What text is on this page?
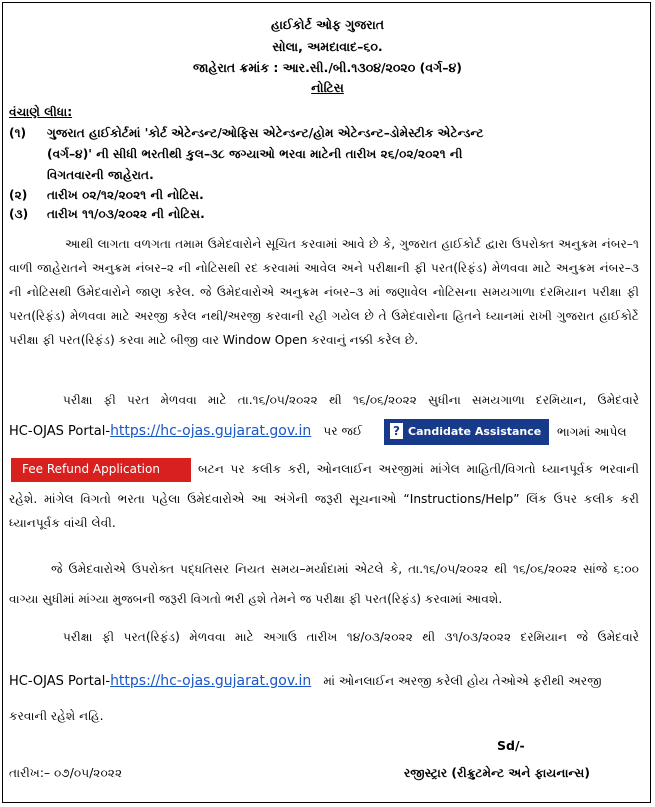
હાઈકોર્ટ ઓફ ગુજરાત
સોલા, અમદાવાદ–૬૦.
જાહેરાત ક્રમાંક : આર.સી./બી.૧૩૦૪/૨૦૨૦ (વર્ગ–૪)
નોટિસ
વંચાણે લીધા:
(૧) ગુજરાત હાઈકોર્ટમાં 'કોર્ટ એટેન્ડન્ટ/ઓફિસ એટેન્ડન્ટ/હોમ એટેન્ડન્ટ–ડોમેસ્ટીક એટેન્ડન્ટ
(વર્ગ–૪)' ની સીધી ભરતીથી કુલ–૩૮ જગ્યાઓ ભરવા માટેની તારીખ ૨૬/૦૨/૨૦૨૧ ની
વિગતવારની જાહેરાત.
(૨) તારીખ ૦૨/૧૨/૨૦૨૧ ની નોટિસ.
(૩) તારીખ ૧૧/૦૩/૨૦૨૨ ની નોટિસ.
આથી લાગતા વળગતા તમામ ઉમેદવારોને સૂચિત કરવામાં આવે છે કે, ગુજરાત હાઈકોર્ટ દ્વારા ઉપરોક્ત અનુક્રમ નંબર–૧ વાળી જાહેરાતને અનુક્રમ નંબર–૨ ની નોટિસથી રદ કરવામાં આવેલ અને પરીક્ષાની ફી પરત(રિફંડ) મેળવવા માટે અનુક્રમ નંબર–૩ ની નોટિસથી ઉમેદવારોને જાણ કરેલ. જે ઉમેદવારોએ અનુક્રમ નંબર–૩ માં જણાવેલ નોટિસના સમયગાળા દરમિયાન પરીક્ષા ફી પરત(રિફંડ) મેળવવા માટે અરજી કરેલ નથી/અરજી કરવાની રહી ગયેલ છે તે ઉમેદવારોના હિતને ધ્યાનમાં રાખી ગુજરાત હાઈકોર્ટે પરીક્ષા ફી પરત(રિફંડ) કરવા માટે બીજી વાર Window Open કરવાનું નક્કી કરેલ છે.
પરીક્ષા ફી પરત મેળવવા માટે તા.૧૬/૦૫/૨૦૨૨ થી ૧૬/૦૬/૨૦૨૨ સુધીના સમયગાળા દરમિયાન, ઉમેદવારે
HC-OJAS Portal-https://hc-ojas.gujarat.gov.in પર જઈ	? Candidate Assistance	ભાગમાં આપેલ
Fee Refund Application	બટન પર કલીક કરી, ઓનલાઈન અરજીમાં માંગેલ માહિતી/વિગતો ધ્યાનપૂર્વક ભરવાની
રહેશે. માંગેલ વિગતો ભરતા પહેલા ઉમેદવારોએ આ અંગેની જરૂરી સૂચનાઓ “Instructions/Help” લિંક ઉપર કલીક કરી ધ્યાનપૂર્વક વાંચી લેવી.
જે ઉમેદવારોએ ઉપરોક્ત પદ્ધતિસર નિયત સમય–મર્યાદામાં એટલે કે, તા.૧૬/૦૫/૨૦૨૨ થી ૧૬/૦૬/૨૦૨૨ સાંજે ૬:૦૦ વાગ્યા સુધીમાં માંગ્યા મુજબની જરૂરી વિગતો ભરી હશે તેમને જ પરીક્ષા ફી પરત(રિફંડ) કરવામાં આવશે.
પરીક્ષા ફી પરત(રિફંડ) મેળવવા માટે અગાઉ તારીખ ૧૪/૦૩/૨૦૨૨ થી ૩૧/૦૩/૨૦૨૨ દરમિયાન જે ઉમેદવારે
HC-OJAS Portal-https://hc-ojas.gujarat.gov.in માં ઓનલાઈન અરજી કરેલી હોય તેઓએ ફરીથી અરજી
કરવાની રહેશે નહિ.
Sd/-
તારીખ:– ૦૭/૦૫/૨૦૨૨	રજીસ્ટ્રાર (રીક્રુટમેન્ટ અને ફાયનાન્સ)
